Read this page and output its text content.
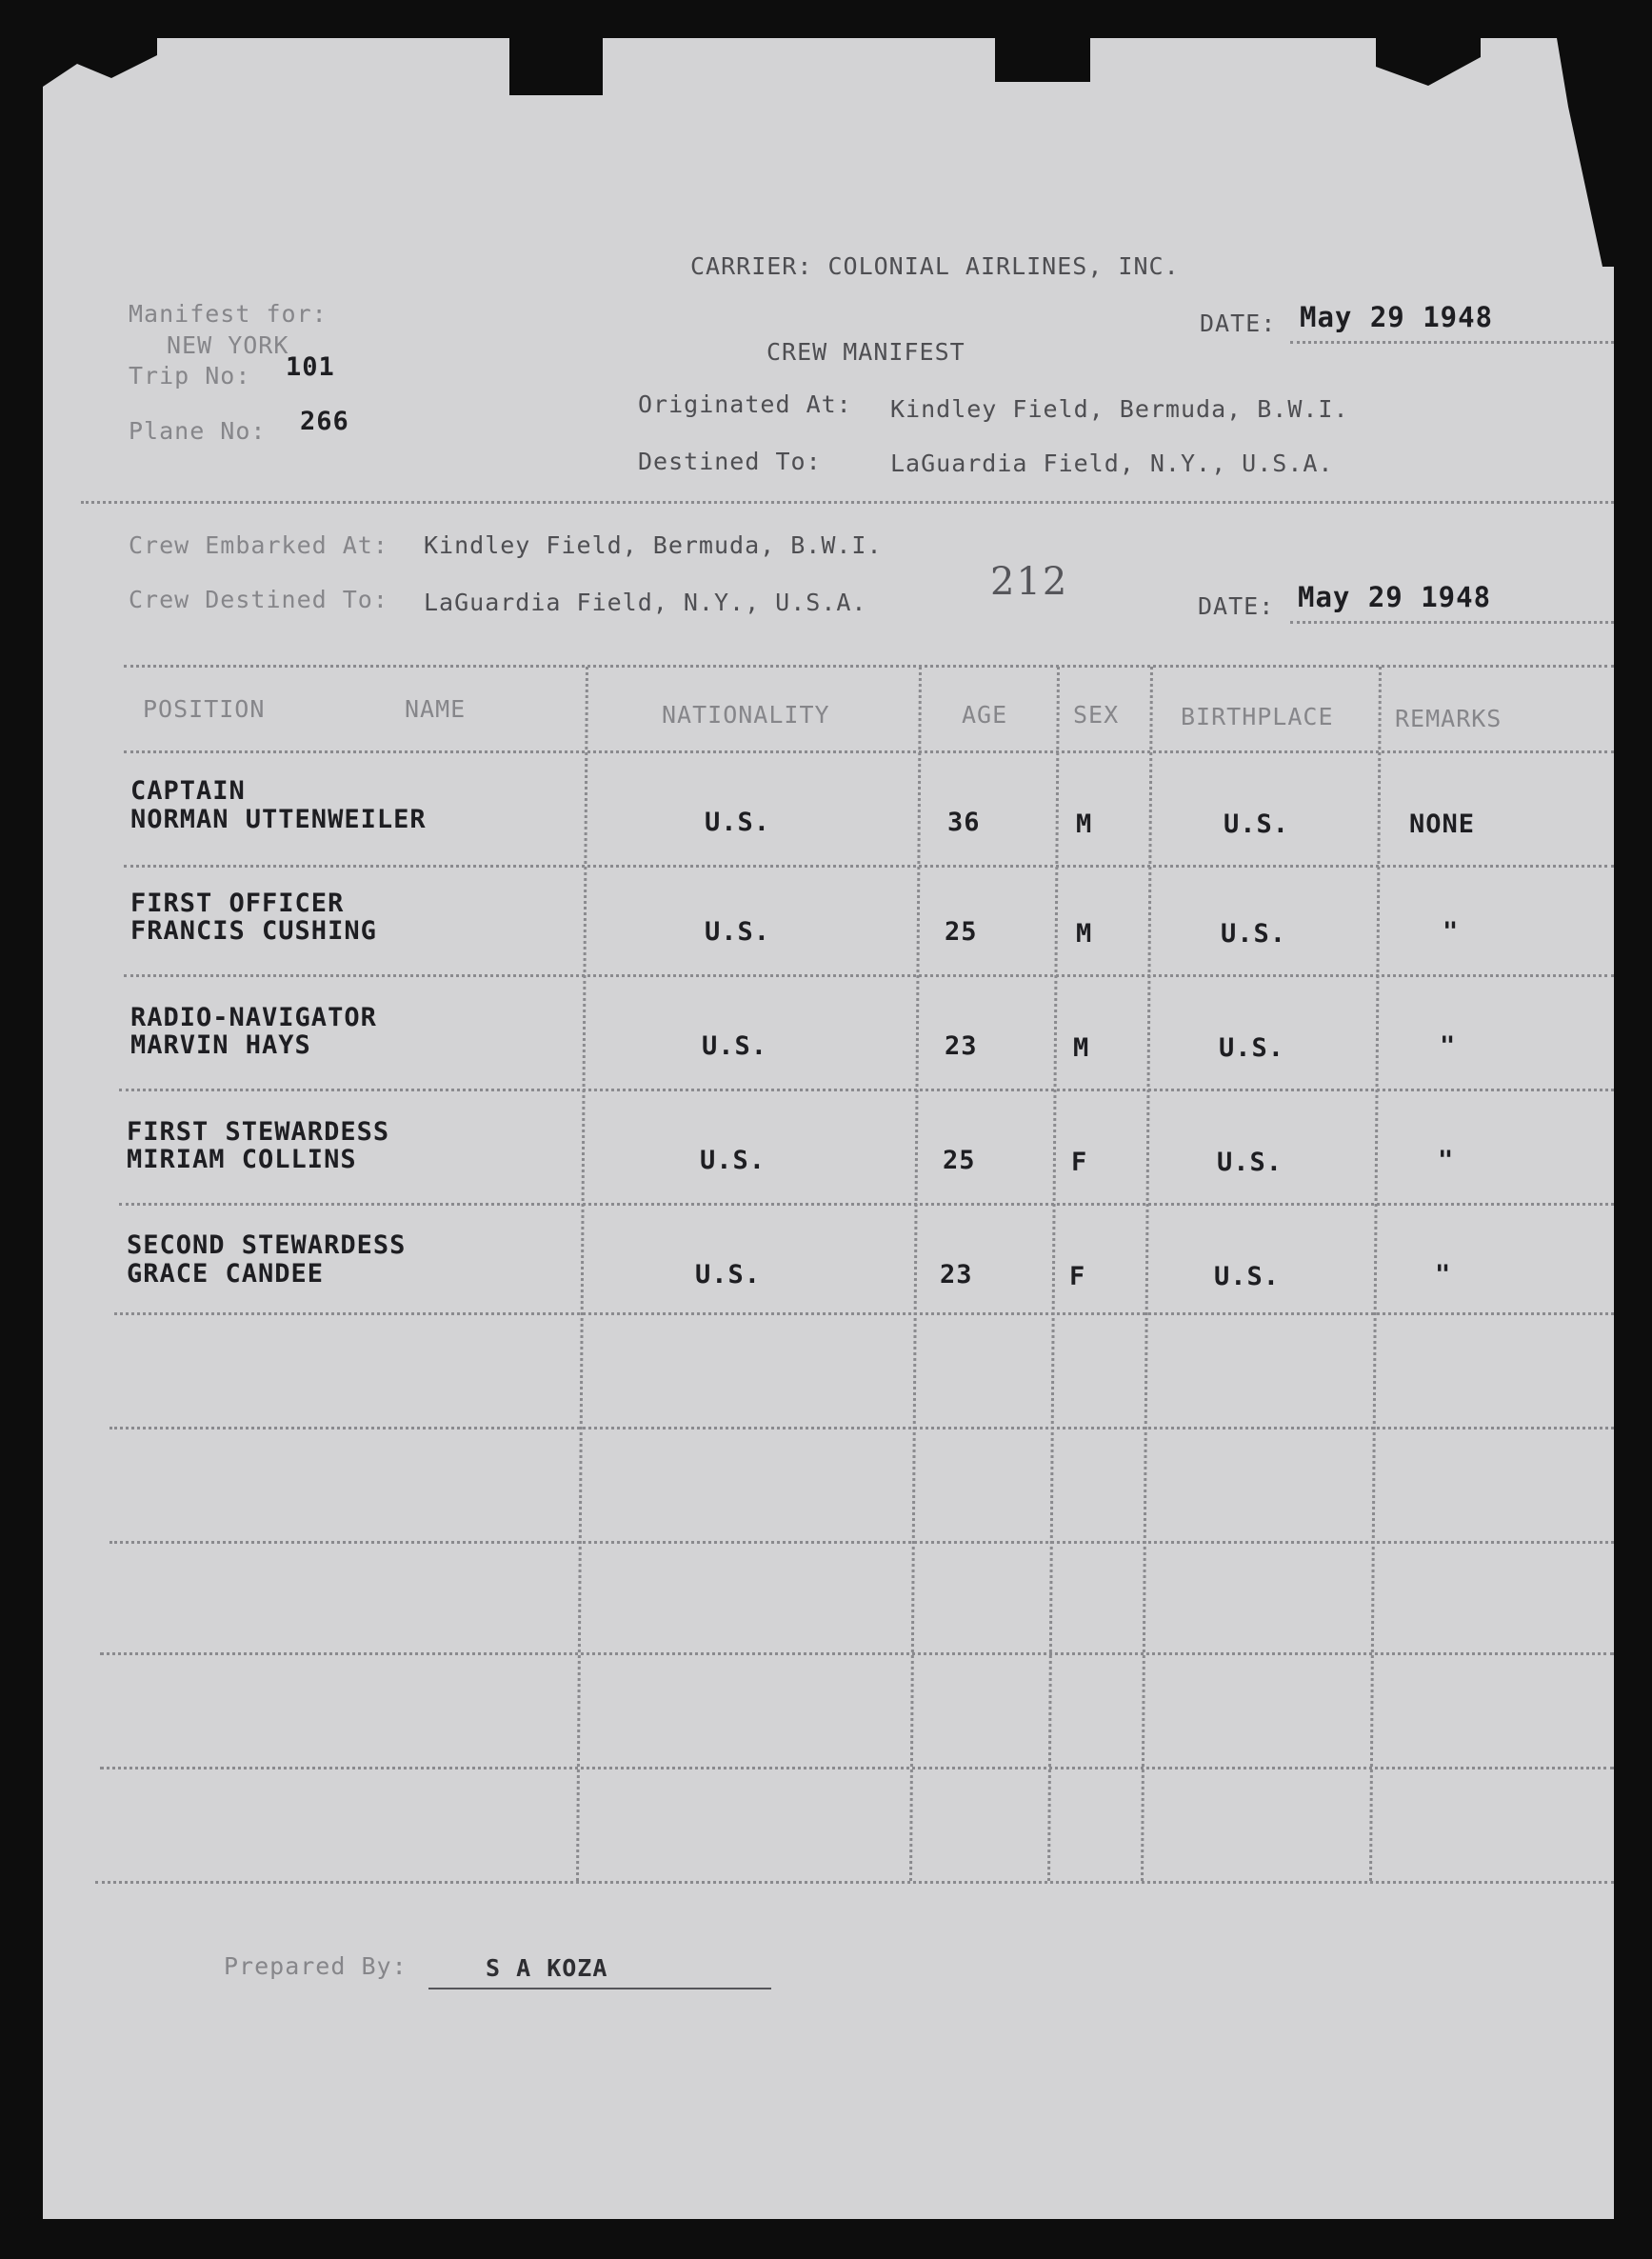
CARRIER: COLONIAL AIRLINES, INC.
CREW MANIFEST
DATE: May 29 1948
Manifest for:
NEW YORK
Trip No: 101
Plane No: 266
Originated At: Kindley Field, Bermuda, B.W.I.
Destined To:	LaGuardia Field, N.Y., U.S.A.
Crew Embarked At: Kindley Field, Bermuda, B.W.I.
Crew Destined To: LaGuardia Field, N.Y., U.S.A.	212
DATE: May 29 1948
POSITION	NAME	NATIONALITY	AGE	SEX	BIRTHPLACE	REMARKS
CAPTAIN
NORMAN UTTENWEILER	U.S.	36	M	U.S.	NONE
FIRST OFFICER
FRANCIS CUSHING	U.S.	25	M	U.S.	"
RADIO-NAVIGATOR
MARVIN HAYS	U.S.	23	M	U.S.	"
FIRST STEWARDESS
MIRIAM COLLINS	U.S.	25	F	U.S.	"
SECOND STEWARDESS
GRACE CANDEE	U.S.	23	F	U.S.	"
Prepared By:	S A KOZA
